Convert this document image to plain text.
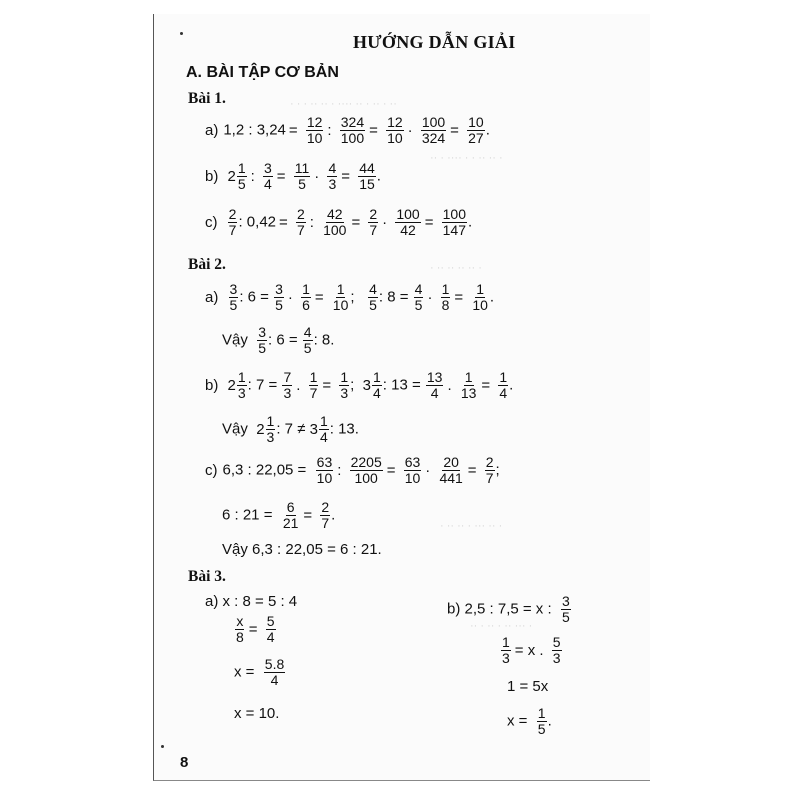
· · · ·· ·· · ···· ·· · ·· · ··
·· · ···· · · ·· ·· ·
· ·· ·· ·· ·· ·
· ·· ·· · ··· ·· ·
·· · ·· · ·· ··· ·
HƯỚNG DẪN GIẢI
A. BÀI TẬP CƠ BẢN
Bài 1.
a) 1,2 : $3,24 = \frac{12}{10}$ : $\frac{324}{100} = \frac{12}{10} \cdot \frac{100}{324} = \frac{10}{27}$ .
b) $2 \frac{1}{5}$ : $\frac{3}{4} = \frac{11}{5} \cdot \frac{4}{3} = \frac{44}{15}$ .
$c) \frac{2}{7}$ : $0,42 = \frac{2}{7}$ : $\frac{42}{100} = \frac{2}{7} \cdot \frac{100}{42} = \frac{100}{147}$ .
Bài 2.
$a) \frac{3}{5}$ : $6 = \frac{3}{5} \cdot \frac{1}{6} = \frac{1}{10}$ ; $\frac{4}{5}$ : $8 = \frac{4}{5} \cdot \frac{1}{8} = \frac{1}{10}$ .
Vậy $\frac{3}{5}$ : $6 = \frac{4}{5}$ : 8.
b) $2 \frac{1}{3}$ : $7 = \frac{7}{3}$ . $\frac{1}{7} = \frac{1}{3}$ ; $3 \frac{1}{4}$ : $13 = \frac{13}{4}$ . $\frac{1}{13} = \frac{1}{4}$ .
Vậy $2 \frac{1}{3}$ : $7 \ne 3 \frac{1}{4}$ : 13.
c) 6,3 : $22,05 = \frac{63}{10}$ : $\frac{2205}{100} = \frac{63}{10} \cdot \frac{20}{441} = \frac{2}{7}$ ;
6 : $21 = \frac{6}{21} = \frac{2}{7}$ .
Vậy 6,3 : 22,05 = 6 : 21.
Bài 3.
a) x : 8 = 5 : 4
$\frac{x}{8} = \frac{5}{4}$
$x = \frac{5.8}{4}$
x = 10.
b) 2,5 : 7,5 = x : $\frac{3}{5}$
$\frac{1}{3} = x$ . $\frac{5}{3}$
1 = 5x
$x = \frac{1}{5}$ .
8
